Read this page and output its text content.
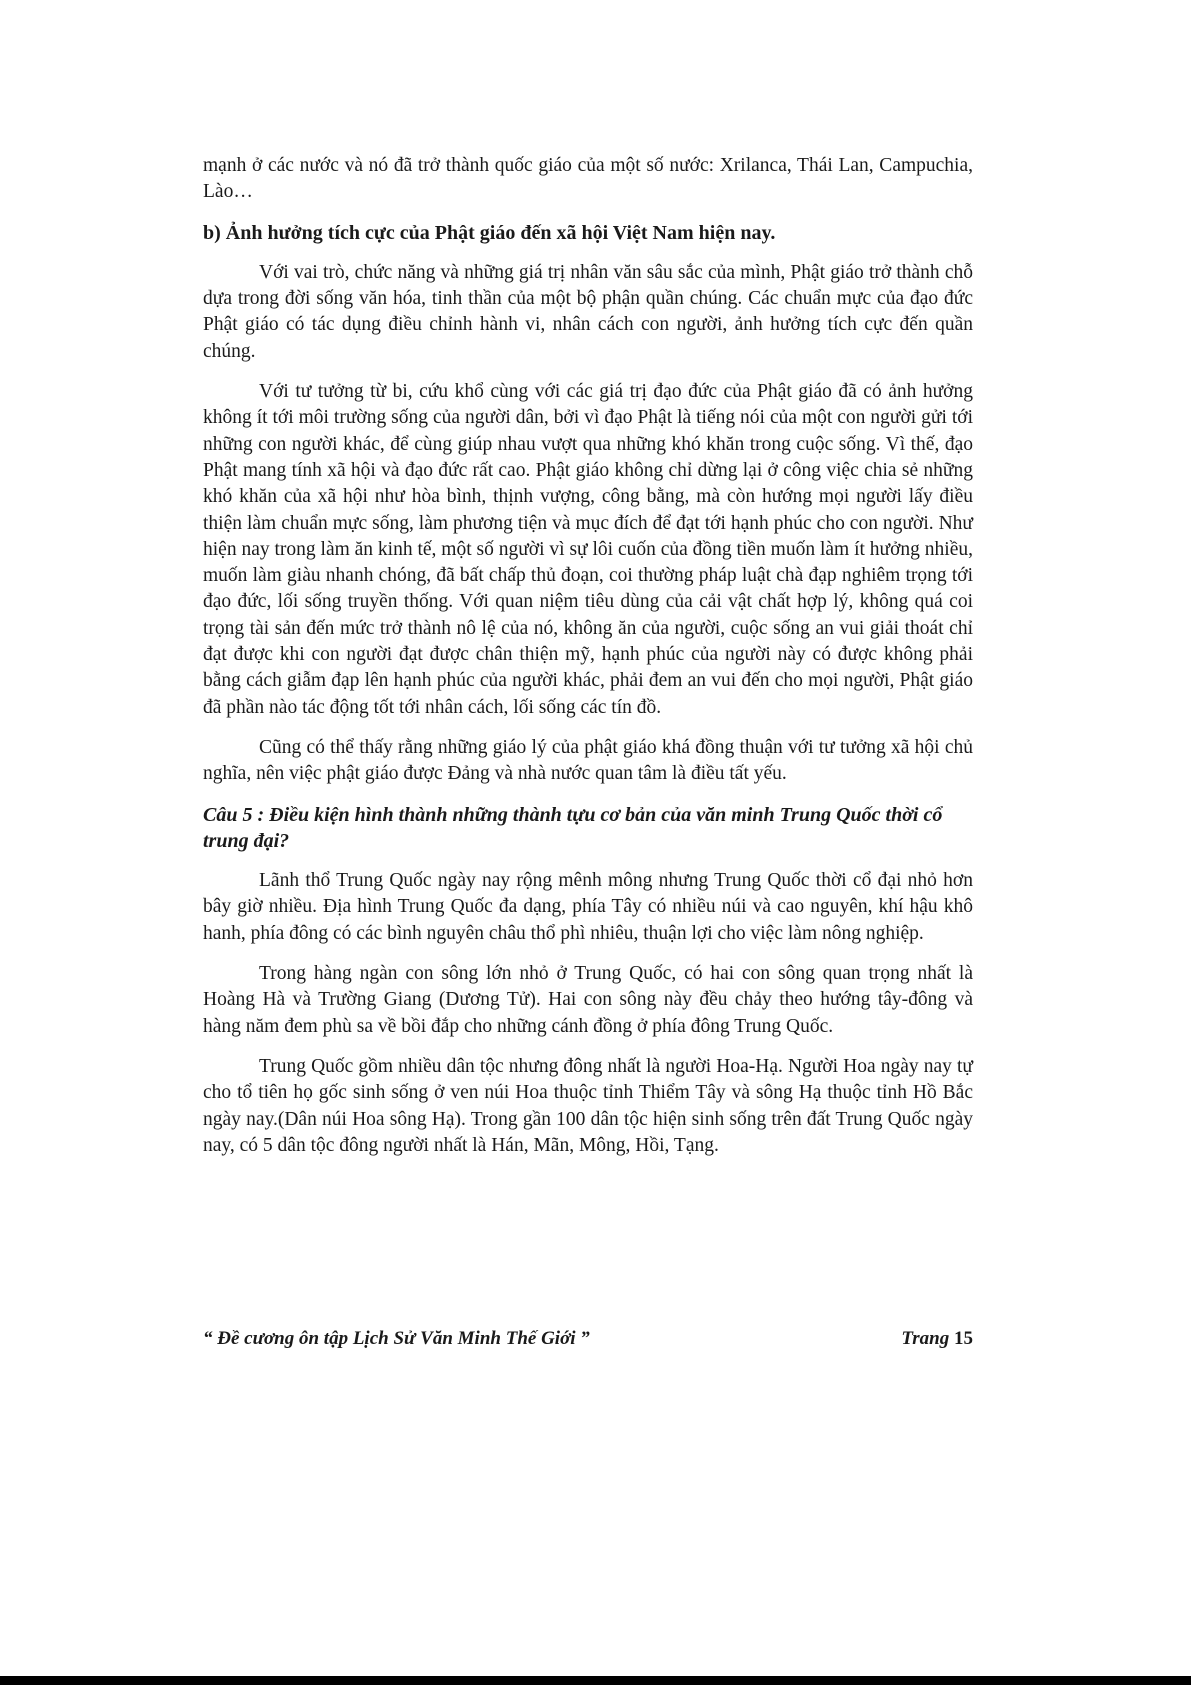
mạnh ở các nước và nó đã trở thành quốc giáo của một số nước: Xrilanca, Thái Lan, Campuchia, Lào…

b) Ảnh hưởng tích cực của Phật giáo đến xã hội Việt Nam hiện nay.

Với vai trò, chức năng và những giá trị nhân văn sâu sắc của mình, Phật giáo trở thành chỗ dựa trong đời sống văn hóa, tinh thần của một bộ phận quần chúng. Các chuẩn mực của đạo đức Phật giáo có tác dụng điều chỉnh hành vi, nhân cách con người, ảnh hưởng tích cực đến quần chúng.

Với tư tưởng từ bi, cứu khổ cùng với các giá trị đạo đức của Phật giáo đã có ảnh hưởng không ít tới môi trường sống của người dân, bởi vì đạo Phật là tiếng nói của một con người gửi tới những con người khác, để cùng giúp nhau vượt qua những khó khăn trong cuộc sống. Vì thế, đạo Phật mang tính xã hội và đạo đức rất cao. Phật giáo không chỉ dừng lại ở công việc chia sẻ những khó khăn của xã hội như hòa bình, thịnh vượng, công bằng, mà còn hướng mọi người lấy điều thiện làm chuẩn mực sống, làm phương tiện và mục đích để đạt tới hạnh phúc cho con người. Như hiện nay trong làm ăn kinh tế, một số người vì sự lôi cuốn của đồng tiền muốn làm ít hưởng nhiều, muốn làm giàu nhanh chóng, đã bất chấp thủ đoạn, coi thường pháp luật chà đạp nghiêm trọng tới đạo đức, lối sống truyền thống. Với quan niệm tiêu dùng của cải vật chất hợp lý, không quá coi trọng tài sản đến mức trở thành nô lệ của nó, không ăn của người, cuộc sống an vui giải thoát chỉ đạt được khi con người đạt được chân thiện mỹ, hạnh phúc của người này có được không phải bằng cách giẫm đạp lên hạnh phúc của người khác, phải đem an vui đến cho mọi người, Phật giáo đã phần nào tác động tốt tới nhân cách, lối sống các tín đồ.

Cũng có thể thấy rằng những giáo lý của phật giáo khá đồng thuận với tư tưởng xã hội chủ nghĩa, nên việc phật giáo được Đảng và nhà nước quan tâm là điều tất yếu.

Câu 5 : Điều kiện hình thành những thành tựu cơ bản của văn minh Trung Quốc thời cổ trung đại?

Lãnh thổ Trung Quốc ngày nay rộng mênh mông nhưng Trung Quốc thời cổ đại nhỏ hơn bây giờ nhiều. Địa hình Trung Quốc đa dạng, phía Tây có nhiều núi và cao nguyên, khí hậu khô hanh, phía đông có các bình nguyên châu thổ phì nhiêu, thuận lợi cho việc làm nông nghiệp.

Trong hàng ngàn con sông lớn nhỏ ở Trung Quốc, có hai con sông quan trọng nhất là Hoàng Hà và Trường Giang (Dương Tử). Hai con sông này đều chảy theo hướng tây-đông và hàng năm đem phù sa về bồi đắp cho những cánh đồng ở phía đông Trung Quốc.

Trung Quốc gồm nhiều dân tộc nhưng đông nhất là người Hoa-Hạ. Người Hoa ngày nay tự cho tổ tiên họ gốc sinh sống ở ven núi Hoa thuộc tỉnh Thiểm Tây và sông Hạ thuộc tỉnh Hồ Bắc ngày nay.(Dân núi Hoa sông Hạ). Trong gần 100 dân tộc hiện sinh sống trên đất Trung Quốc ngày nay, có 5 dân tộc đông người nhất là Hán, Mãn, Mông, Hồi, Tạng.

“ Đề cương ôn tập Lịch Sử Văn Minh Thế Giới ”	Trang 15
